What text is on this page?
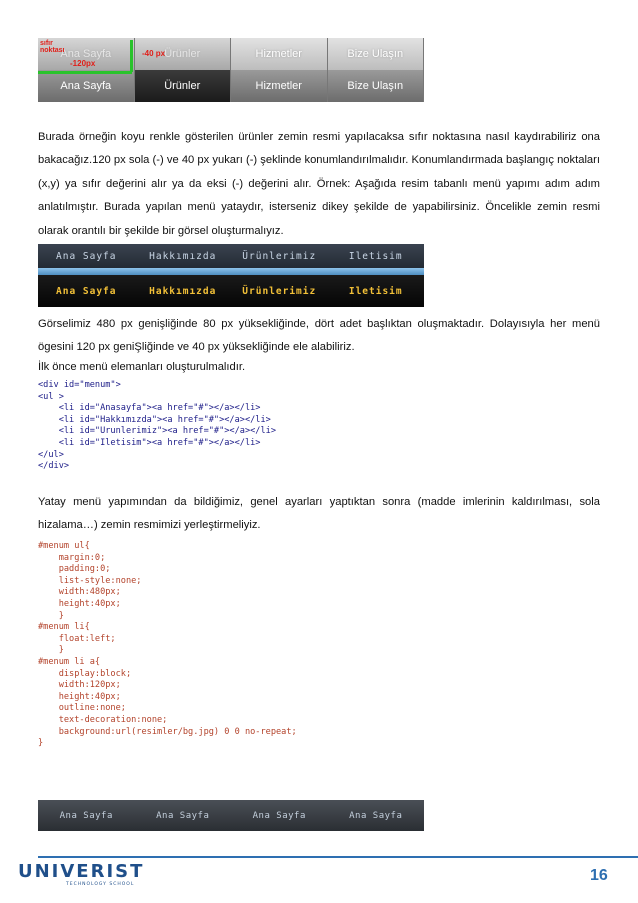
Ana Sayfa	Ürünler	Hizmetler	Bize Ulaşın
Ana Sayfa	Ürünler	Hizmetler	Bize Ulaşın
sıfır noktası
-120px
-40 px
Burada örneğin koyu renkle gösterilen ürünler zemin resmi yapılacaksa sıfır noktasına nasıl kaydırabiliriz ona bakacağız.120 px sola (-) ve 40 px yukarı (-) şeklinde konumlandırılmalıdır. Konumlandırmada başlangıç noktaları (x,y) ya sıfır değerini alır ya da eksi (-) değerini alır. Örnek: Aşağıda resim tabanlı menü yapımı adım adım anlatılmıştır. Burada yapılan menü yataydır, isterseniz dikey şekilde de yapabilirsiniz. Öncelikle zemin resmi olarak orantılı bir şekilde bir görsel oluşturmalıyız.
Ana Sayfa	Hakkımızda	Ürünlerimiz	Iletisim
Ana Sayfa	Hakkımızda	Ürünlerimiz	Iletisim
Görselimiz 480 px genişliğinde 80 px yüksekliğinde, dört adet başlıktan oluşmaktadır. Dolayısıyla her menü ögesini 120 px geniŞliğinde ve 40 px yüksekliğinde ele alabiliriz.
İlk önce menü elemanları oluşturulmalıdır.
<div id="menum">
<ul >
<li id="Anasayfa"><a href="#"></a></li>
<li id="Hakkımızda"><a href="#"></a></li>
<li id="Urunlerimiz"><a href="#"></a></li>
<li id="Iletisim"><a href="#"></a></li>
</ul>
</div>
Yatay menü yapımından da bildiğimiz, genel ayarları yaptıktan sonra (madde imlerinin kaldırılması, sola hizalama…) zemin resmimizi yerleştirmeliyiz.
#menum ul{
margin:0;
padding:0;
list-style:none;
width:480px;
height:40px;
}
#menum li{
float:left;
}
#menum li a{
display:block;
width:120px;
height:40px;
outline:none;
text-decoration:none;
background:url(resimler/bg.jpg) 0 0 no-repeat;
}
Ana Sayfa	Ana Sayfa	Ana Sayfa	Ana Sayfa
UNIVERIST
TECHNOLOGY SCHOOL
16
